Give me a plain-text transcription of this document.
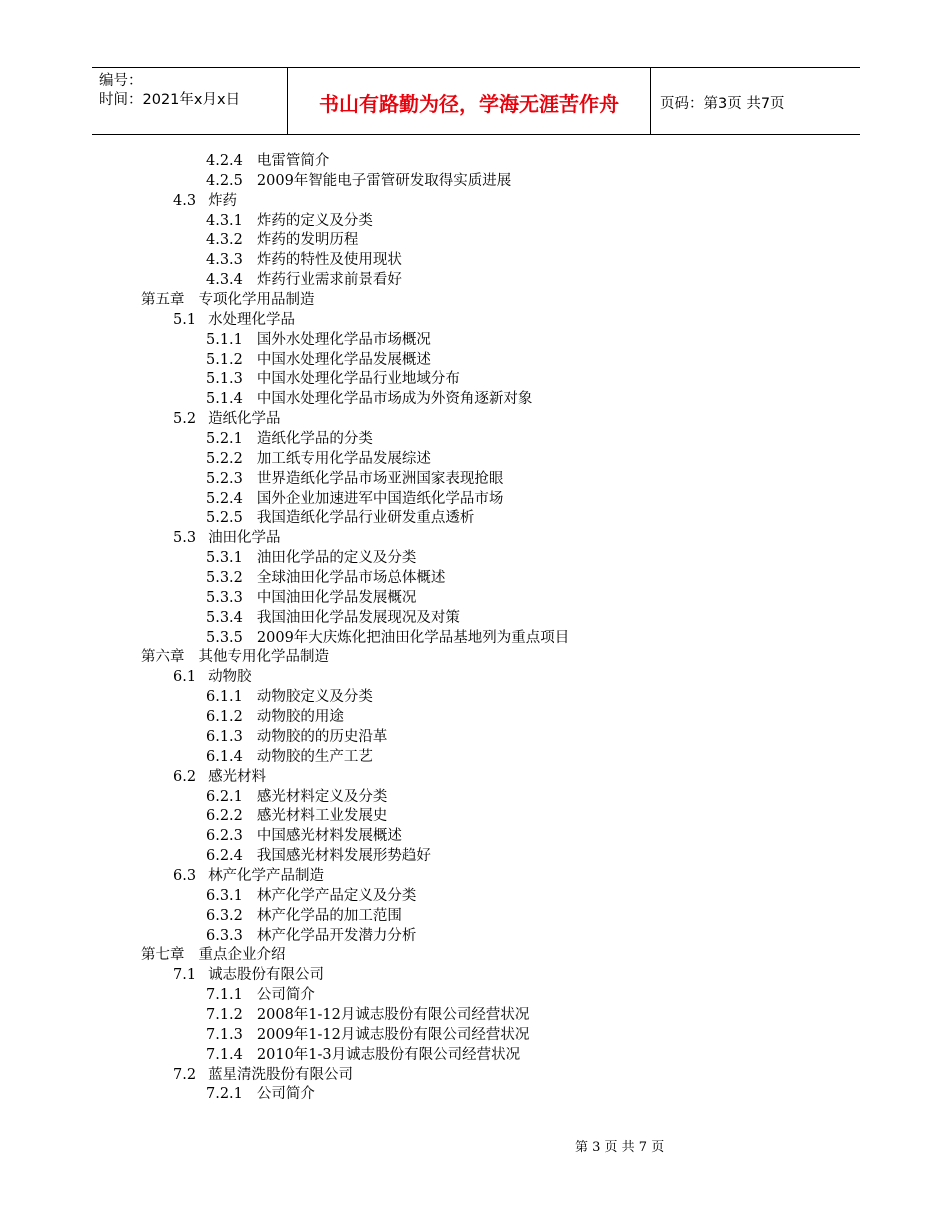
编号：
时间：2021年x月x日	书山有路勤为径，学海无涯苦作舟	页码：第3页 共7页
4.2.4 电雷管简介
4.2.5 2009年智能电子雷管研发取得实质进展
4.3 炸药
4.3.1 炸药的定义及分类
4.3.2 炸药的发明历程
4.3.3 炸药的特性及使用现状
4.3.4 炸药行业需求前景看好
第五章 专项化学用品制造
5.1 水处理化学品
5.1.1 国外水处理化学品市场概况
5.1.2 中国水处理化学品发展概述
5.1.3 中国水处理化学品行业地域分布
5.1.4 中国水处理化学品市场成为外资角逐新对象
5.2 造纸化学品
5.2.1 造纸化学品的分类
5.2.2 加工纸专用化学品发展综述
5.2.3 世界造纸化学品市场亚洲国家表现抢眼
5.2.4 国外企业加速进军中国造纸化学品市场
5.2.5 我国造纸化学品行业研发重点透析
5.3 油田化学品
5.3.1 油田化学品的定义及分类
5.3.2 全球油田化学品市场总体概述
5.3.3 中国油田化学品发展概况
5.3.4 我国油田化学品发展现况及对策
5.3.5 2009年大庆炼化把油田化学品基地列为重点项目
第六章 其他专用化学品制造
6.1 动物胶
6.1.1 动物胶定义及分类
6.1.2 动物胶的用途
6.1.3 动物胶的的历史沿革
6.1.4 动物胶的生产工艺
6.2 感光材料
6.2.1 感光材料定义及分类
6.2.2 感光材料工业发展史
6.2.3 中国感光材料发展概述
6.2.4 我国感光材料发展形势趋好
6.3 林产化学产品制造
6.3.1 林产化学产品定义及分类
6.3.2 林产化学品的加工范围
6.3.3 林产化学品开发潜力分析
第七章 重点企业介绍
7.1 诚志股份有限公司
7.1.1 公司简介
7.1.2 2008年1-12月诚志股份有限公司经营状况
7.1.3 2009年1-12月诚志股份有限公司经营状况
7.1.4 2010年1-3月诚志股份有限公司经营状况
7.2 蓝星清洗股份有限公司
7.2.1 公司简介
第 3 页 共 7 页
